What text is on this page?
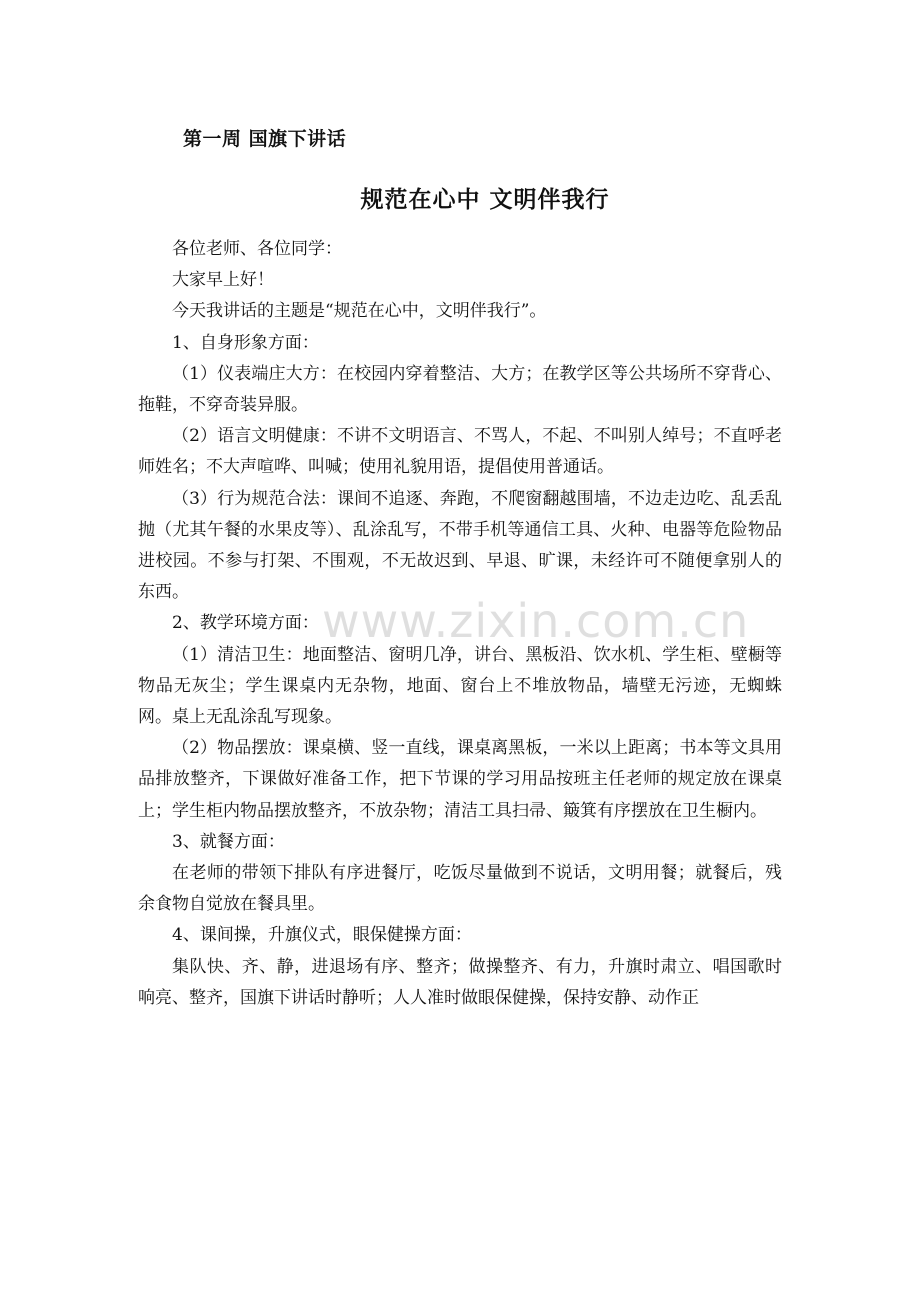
第一周 国旗下讲话
规范在心中 文明伴我行

各位老师、各位同学：

大家早上好！

今天我讲话的主题是“规范在心中，文明伴我行”。

1、自身形象方面：

（1）仪表端庄大方：在校园内穿着整洁、大方；在教学区等公共场所不穿背心、拖鞋，不穿奇装异服。

（2）语言文明健康：不讲不文明语言、不骂人，不起、不叫别人绰号；不直呼老师姓名；不大声喧哗、叫喊；使用礼貌用语，提倡使用普通话。

（3）行为规范合法：课间不追逐、奔跑，不爬窗翻越围墙，不边走边吃、乱丢乱抛（尤其午餐的水果皮等）、乱涂乱写，不带手机等通信工具、火种、电器等危险物品进校园。不参与打架、不围观，不无故迟到、早退、旷课，未经许可不随便拿别人的东西。

2、教学环境方面：

（1）清洁卫生：地面整洁、窗明几净，讲台、黑板沿、饮水机、学生柜、壁橱等物品无灰尘；学生课桌内无杂物，地面、窗台上不堆放物品，墙壁无污迹，无蜘蛛网。桌上无乱涂乱写现象。

（2）物品摆放：课桌横、竖一直线，课桌离黑板，一米以上距离；书本等文具用品排放整齐，下课做好准备工作，把下节课的学习用品按班主任老师的规定放在课桌上；学生柜内物品摆放整齐，不放杂物；清洁工具扫帚、簸箕有序摆放在卫生橱内。

3、就餐方面：

在老师的带领下排队有序进餐厅，吃饭尽量做到不说话，文明用餐；就餐后，残余食物自觉放在餐具里。

4、课间操，升旗仪式，眼保健操方面：

集队快、齐、静，进退场有序、整齐；做操整齐、有力，升旗时肃立、唱国歌时响亮、整齐，国旗下讲话时静听；人人准时做眼保健操，保持安静、动作正

www.zixin.com.cn
